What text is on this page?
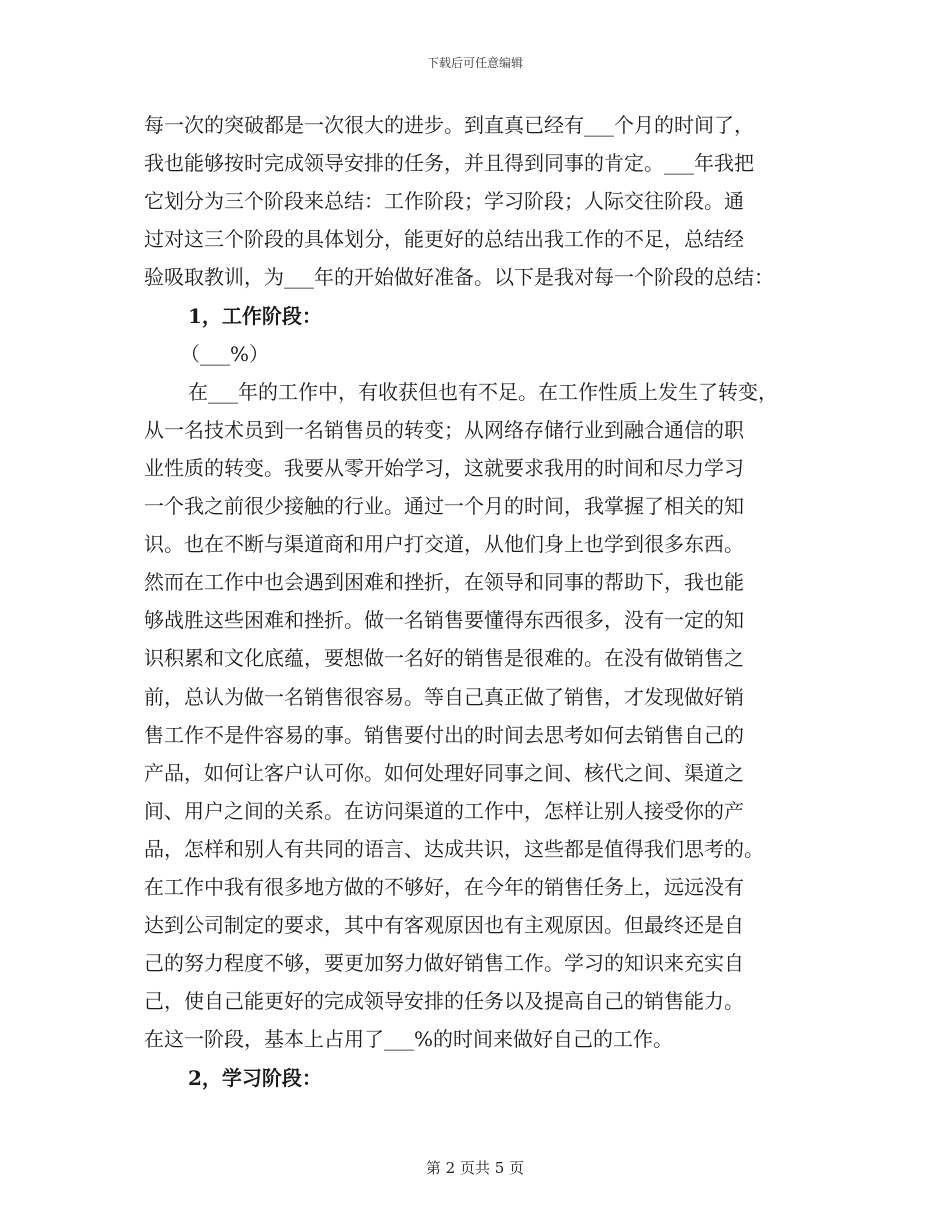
下载后可任意编辑
每一次的突破都是一次很大的进步。到直真已经有___个月的时间了，
我也能够按时完成领导安排的任务，并且得到同事的肯定。___年我把
它划分为三个阶段来总结：工作阶段；学习阶段；人际交往阶段。通
过对这三个阶段的具体划分，能更好的总结出我工作的不足，总结经
验吸取教训，为___年的开始做好准备。以下是我对每一个阶段的总结：
1，工作阶段：
（___%）
在___年的工作中，有收获但也有不足。在工作性质上发生了转变，
从一名技术员到一名销售员的转变；从网络存储行业到融合通信的职
业性质的转变。我要从零开始学习，这就要求我用的时间和尽力学习
一个我之前很少接触的行业。通过一个月的时间，我掌握了相关的知
识。也在不断与渠道商和用户打交道，从他们身上也学到很多东西。
然而在工作中也会遇到困难和挫折，在领导和同事的帮助下，我也能
够战胜这些困难和挫折。做一名销售要懂得东西很多，没有一定的知
识积累和文化底蕴，要想做一名好的销售是很难的。在没有做销售之
前，总认为做一名销售很容易。等自己真正做了销售，才发现做好销
售工作不是件容易的事。销售要付出的时间去思考如何去销售自己的
产品，如何让客户认可你。如何处理好同事之间、核代之间、渠道之
间、用户之间的关系。在访问渠道的工作中，怎样让别人接受你的产
品，怎样和别人有共同的语言、达成共识，这些都是值得我们思考的。
在工作中我有很多地方做的不够好，在今年的销售任务上，远远没有
达到公司制定的要求，其中有客观原因也有主观原因。但最终还是自
己的努力程度不够，要更加努力做好销售工作。学习的知识来充实自
己，使自己能更好的完成领导安排的任务以及提高自己的销售能力。
在这一阶段，基本上占用了___%的时间来做好自己的工作。
2，学习阶段：
第 2 页共 5 页
